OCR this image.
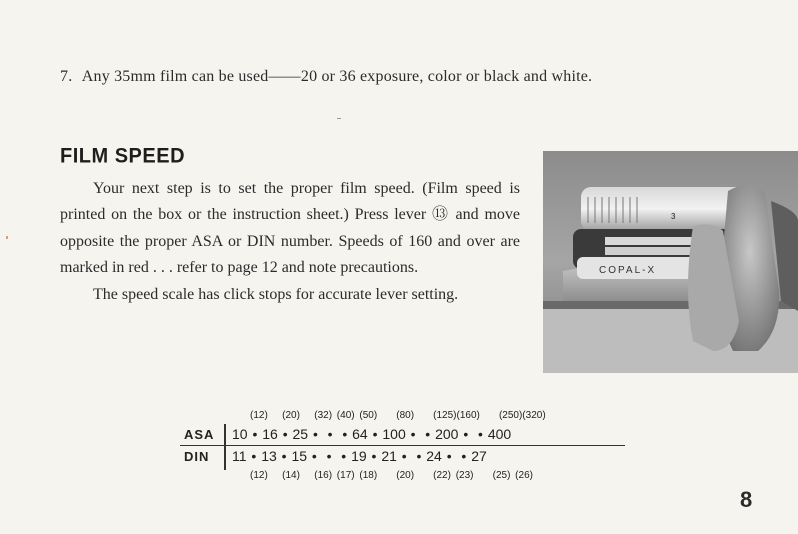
7. Any 35mm film can be used——20 or 36 exposure, color or black and white.
FILM SPEED

Your next step is to set the proper film speed. (Film speed is printed on the box or the instruction sheet.) Press lever ⑬ and move opposite the proper ASA or DIN number. Speeds of 160 and over are marked in red . . . refer to page 12 and note precautions.

The speed scale has click stops for accurate lever setting.

3
COPAL-X
(12)   (20)   (32) (40) (50)    (80)    (125)(160)    (250)(320)
ASA 10 • 16 • 25 •  •  • 64 • 100 •  • 200 •  • 400
DIN 11 • 13 • 15 •  •  • 19 • 21 •  • 24 •  • 27
(12)   (14)   (16) (17) (18)    (20)    (22) (23)    (25) (26)
8
